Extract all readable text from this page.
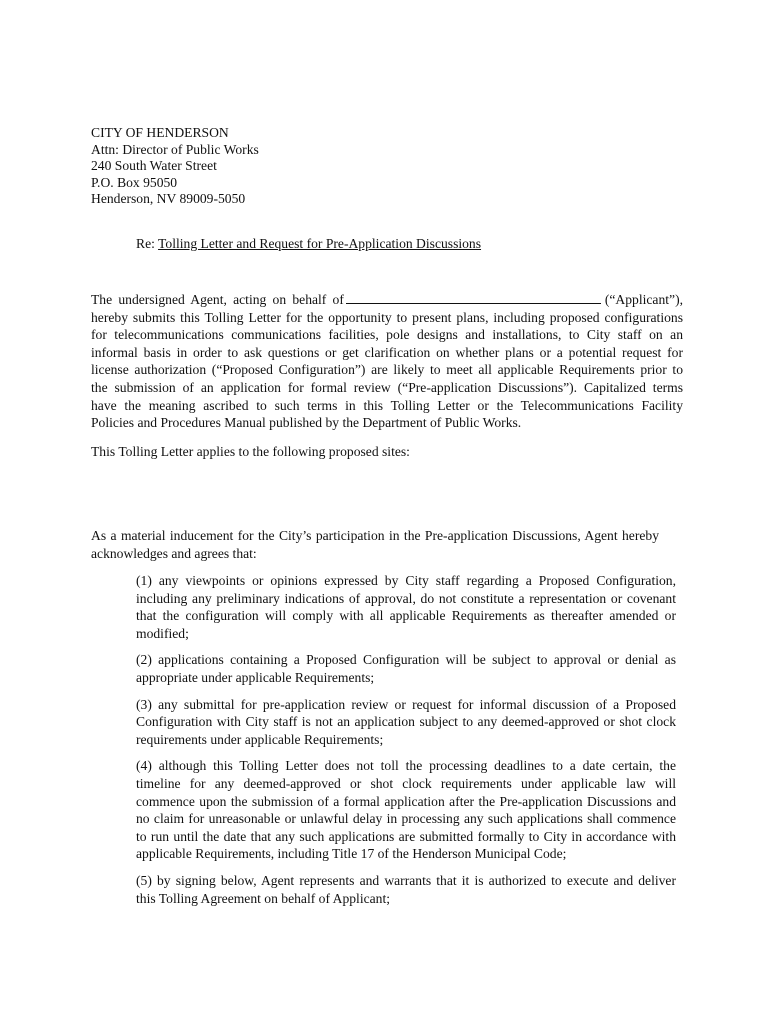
CITY OF HENDERSON
Attn: Director of Public Works
240 South Water Street
P.O. Box 95050
Henderson, NV 89009-5050
Re: Tolling Letter and Request for Pre-Application Discussions
The undersigned Agent, acting on behalf of	(“Applicant”),
hereby submits this Tolling Letter for the opportunity to present plans, including proposed configurations
for telecommunications communications facilities, pole designs and installations, to City staff on an
informal basis in order to ask questions or get clarification on whether plans or a potential request for
license authorization (“Proposed Configuration”) are likely to meet all applicable Requirements prior to
the submission of an application for formal review (“Pre-application Discussions”). Capitalized terms
have the meaning ascribed to such terms in this Tolling Letter or the Telecommunications Facility
Policies and Procedures Manual published by the Department of Public Works.
This Tolling Letter applies to the following proposed sites:
As a material inducement for the City’s participation in the Pre-application Discussions, Agent hereby
acknowledges and agrees that:
(1) any viewpoints or opinions expressed by City staff regarding a Proposed Configuration,
including any preliminary indications of approval, do not constitute a representation or covenant
that the configuration will comply with all applicable Requirements as thereafter amended or
modified;
(2) applications containing a Proposed Configuration will be subject to approval or denial as
appropriate under applicable Requirements;
(3) any submittal for pre-application review or request for informal discussion of a Proposed
Configuration with City staff is not an application subject to any deemed-approved or shot clock
requirements under applicable Requirements;
(4) although this Tolling Letter does not toll the processing deadlines to a date certain, the
timeline for any deemed-approved or shot clock requirements under applicable law will
commence upon the submission of a formal application after the Pre-application Discussions and
no claim for unreasonable or unlawful delay in processing any such applications shall commence
to run until the date that any such applications are submitted formally to City in accordance with
applicable Requirements, including Title 17 of the Henderson Municipal Code;
(5) by signing below, Agent represents and warrants that it is authorized to execute and deliver
this Tolling Agreement on behalf of Applicant;
